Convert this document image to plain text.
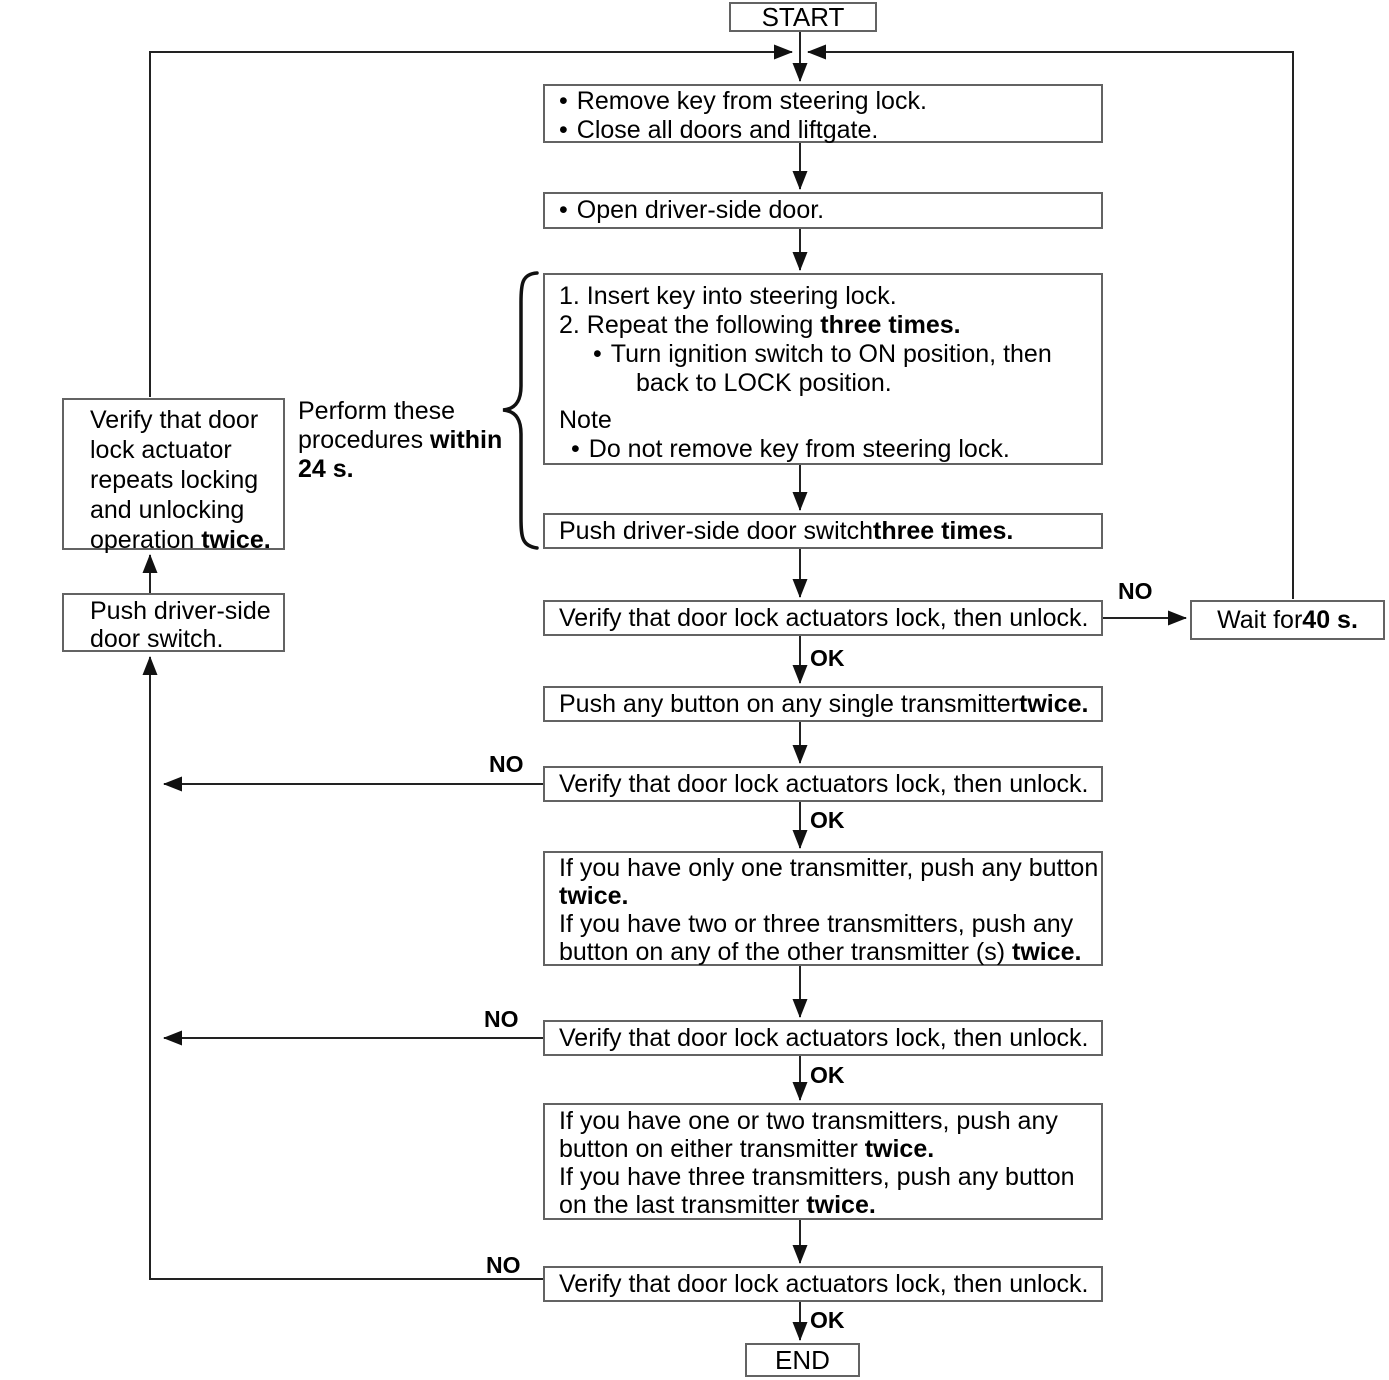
START
• Remove key from steering lock.
• Close all doors and liftgate.
• Open driver-side door.
1. Insert key into steering lock.
2. Repeat the following three times.
• Turn ignition switch to ON position, then
back to LOCK position.
Note
• Do not remove key from steering lock.
Push driver-side door switch three times.
Verify that door lock actuators lock, then unlock.	Wait for 40 s.
Push any button on any single transmitter twice.
Verify that door lock actuators lock, then unlock.
If you have only one transmitter, push any button
twice.
If you have two or three transmitters, push any
button on any of the other transmitter (s) twice.
Verify that door lock actuators lock, then unlock.
If you have one or two transmitters, push any
button on either transmitter twice.
If you have three transmitters, push any button
on the last transmitter twice.
Verify that door lock actuators lock, then unlock.
END
Verify that door
lock actuator
repeats locking
and unlocking
operation twice.
Push driver-side
door switch.
Perform these
procedures within
24 s.
NO
NO
NO
NO
OK
OK
OK
OK
